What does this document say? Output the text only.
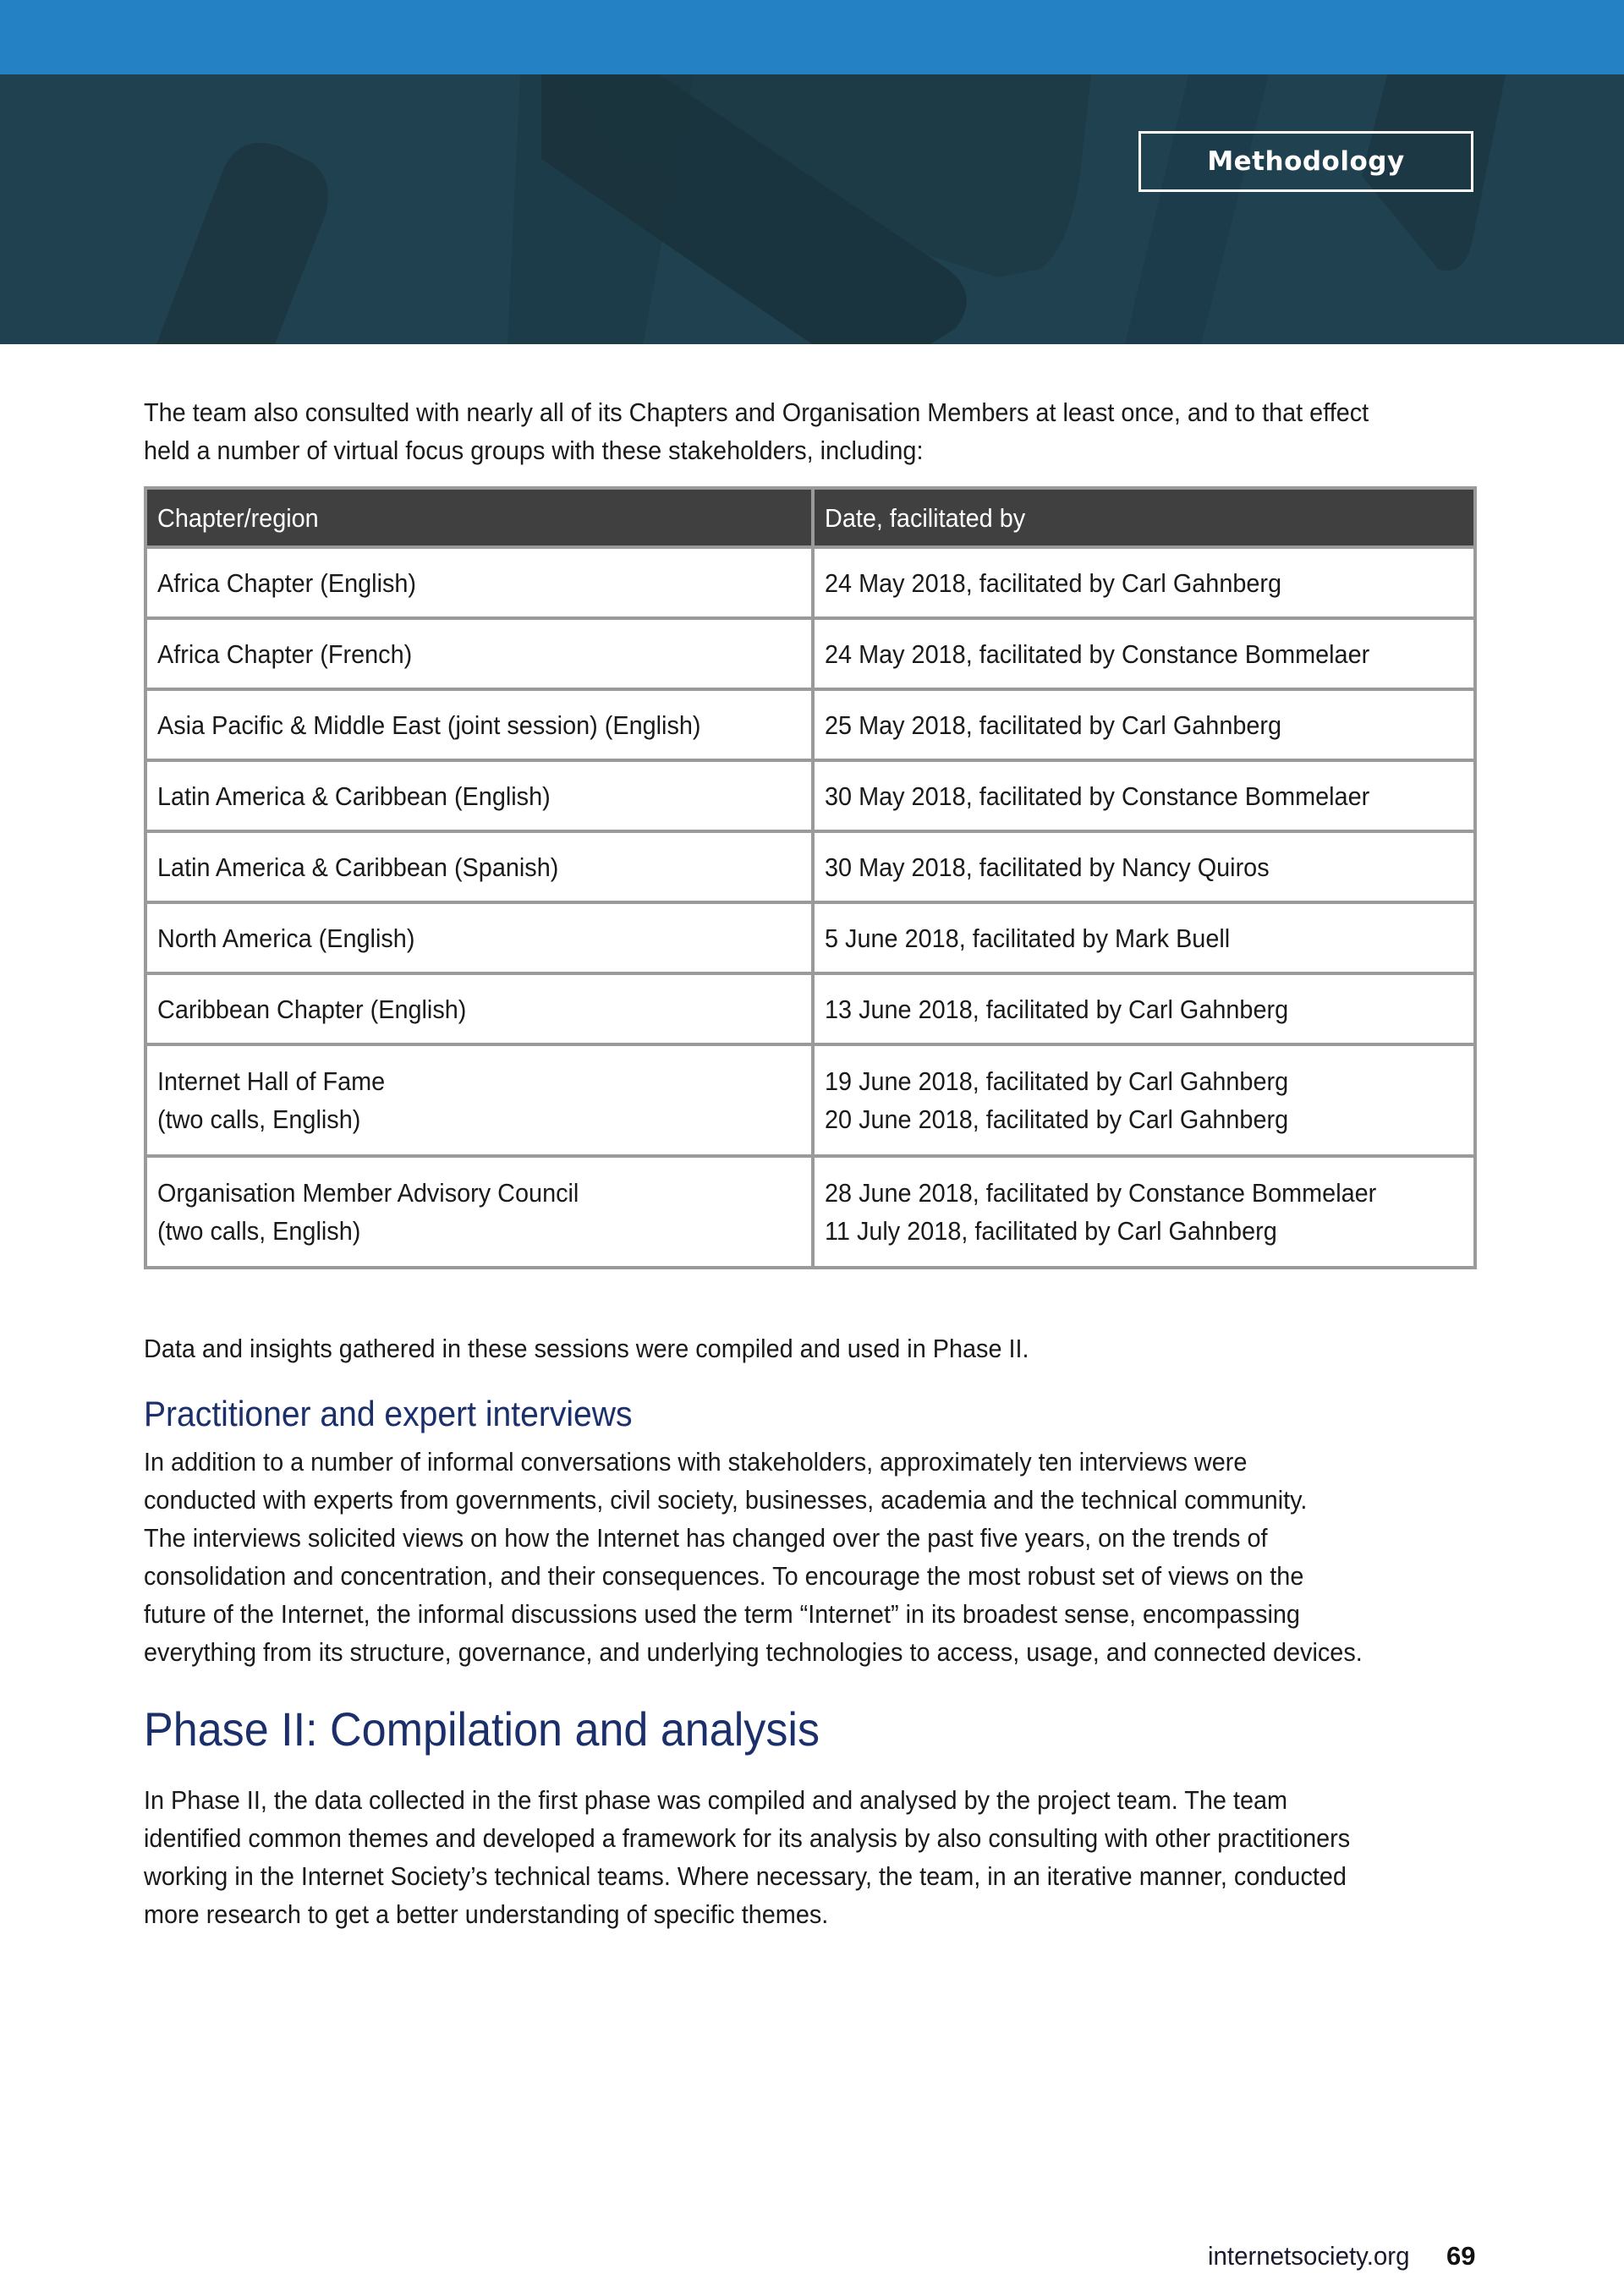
Methodology
The team also consulted with nearly all of its Chapters and Organisation Members at least once, and to that effect
held a number of virtual focus groups with these stakeholders, including:
Data and insights gathered in these sessions were compiled and used in Phase II.
Practitioner and expert interviews
In addition to a number of informal conversations with stakeholders, approximately ten interviews were
conducted with experts from governments, civil society, businesses, academia and the technical community.
The interviews solicited views on how the Internet has changed over the past five years, on the trends of
consolidation and concentration, and their consequences. To encourage the most robust set of views on the
future of the Internet, the informal discussions used the term “Internet” in its broadest sense, encompassing
everything from its structure, governance, and underlying technologies to access, usage, and connected devices.
Phase II: Compilation and analysis
In Phase II, the data collected in the first phase was compiled and analysed by the project team. The team
identified common themes and developed a framework for its analysis by also consulting with other practitioners
working in the Internet Society’s technical teams. Where necessary, the team, in an iterative manner, conducted
more research to get a better understanding of specific themes.
Chapter/region	Date, facilitated by

Africa Chapter (English)	24 May 2018, facilitated by Carl Gahnberg

Africa Chapter (French)	24 May 2018, facilitated by Constance Bommelaer

Asia Pacific & Middle East (joint session) (English)	25 May 2018, facilitated by Carl Gahnberg

Latin America & Caribbean (English)	30 May 2018, facilitated by Constance Bommelaer

Latin America & Caribbean (Spanish)	30 May 2018, facilitated by Nancy Quiros

North America (English)	5 June 2018, facilitated by Mark Buell

Caribbean Chapter (English)	13 June 2018, facilitated by Carl Gahnberg

Internet Hall of Fame
(two calls, English)	19 June 2018, facilitated by Carl Gahnberg
20 June 2018, facilitated by Carl Gahnberg

Organisation Member Advisory Council
(two calls, English)	28 June 2018, facilitated by Constance Bommelaer
11 July 2018, facilitated by Carl Gahnberg
internetsociety.org 69
